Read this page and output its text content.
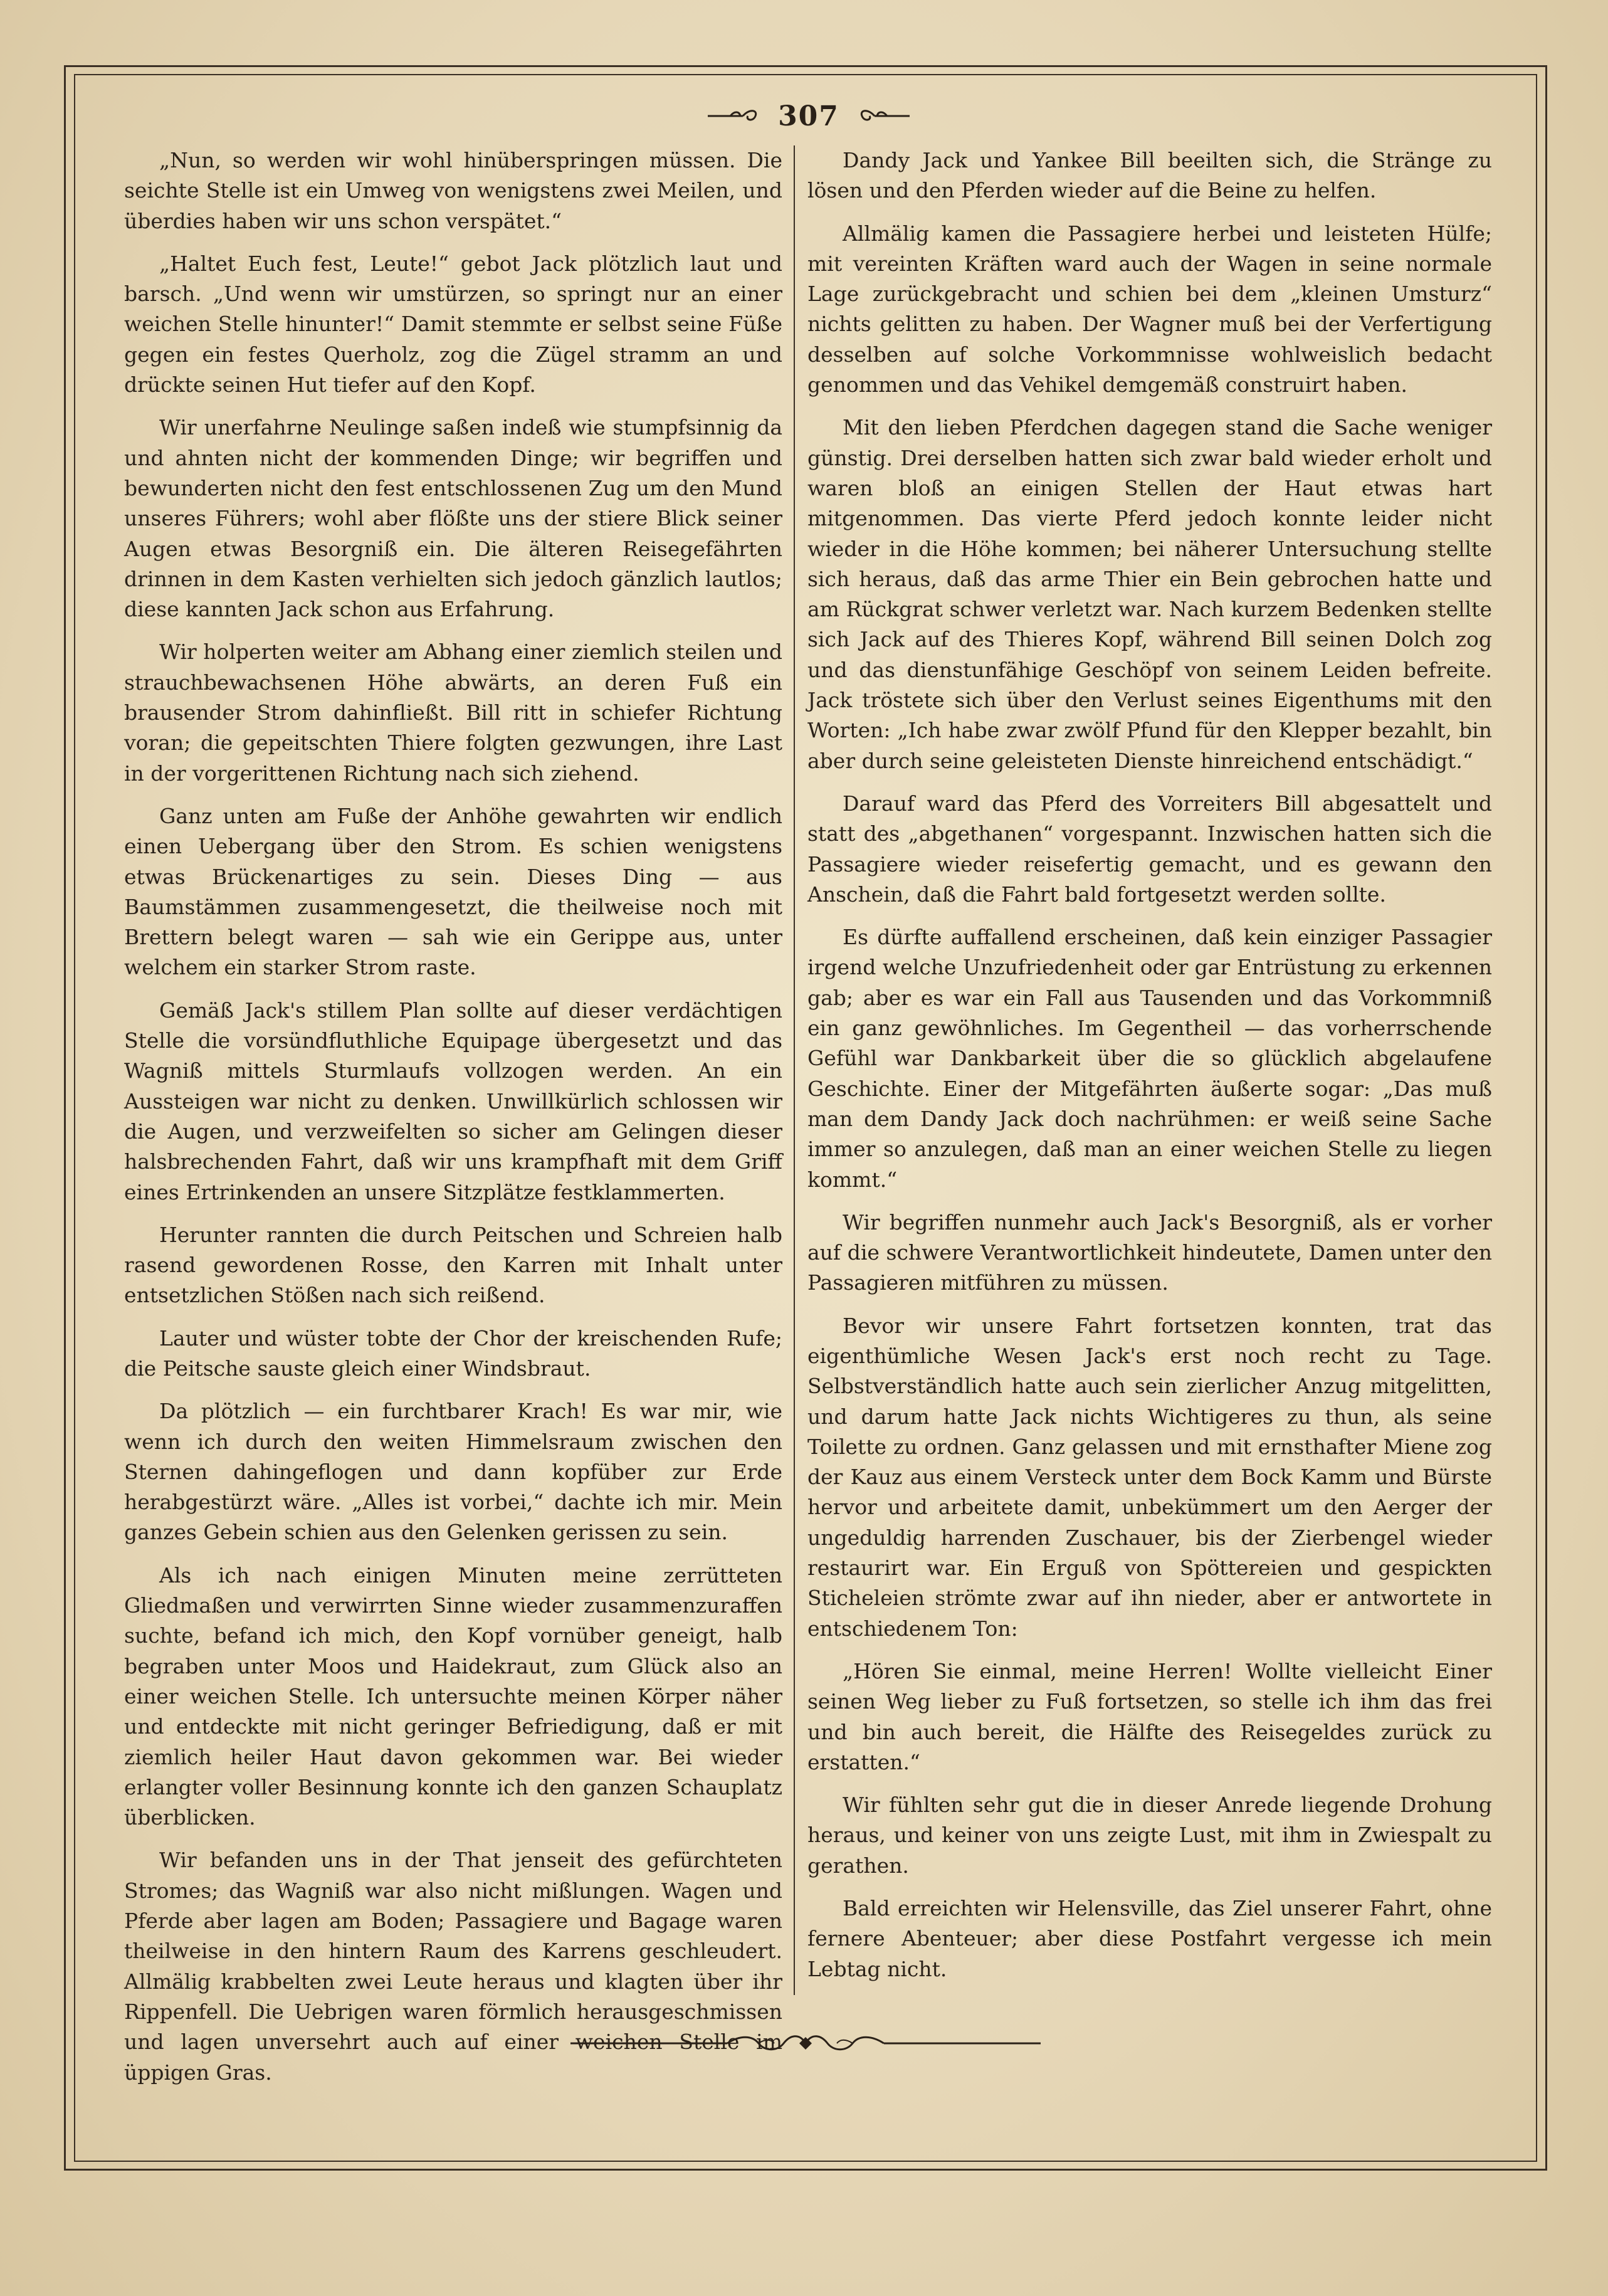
307

„Nun, so werden wir wohl hinüberspringen müssen. Die seichte Stelle ist ein Umweg von wenigstens zwei Meilen, und überdies haben wir uns schon verspätet.“

„Haltet Euch fest, Leute!“ gebot Jack plötzlich laut und barsch. „Und wenn wir umstürzen, so springt nur an einer weichen Stelle hinunter!“ Damit stemmte er selbst seine Füße gegen ein festes Querholz, zog die Zügel stramm an und drückte seinen Hut tiefer auf den Kopf.

Wir unerfahrne Neulinge saßen indeß wie stumpfsinnig da und ahnten nicht der kommenden Dinge; wir begriffen und bewunderten nicht den fest entschlossenen Zug um den Mund unseres Führers; wohl aber flößte uns der stiere Blick seiner Augen etwas Besorgniß ein. Die älteren Reisegefährten drinnen in dem Kasten verhielten sich jedoch gänzlich lautlos; diese kannten Jack schon aus Erfahrung.

Wir holperten weiter am Abhang einer ziemlich steilen und strauchbewachsenen Höhe abwärts, an deren Fuß ein brausender Strom dahinfließt. Bill ritt in schiefer Richtung voran; die gepeitschten Thiere folgten gezwungen, ihre Last in der vorgerittenen Richtung nach sich ziehend.

Ganz unten am Fuße der Anhöhe gewahrten wir endlich einen Uebergang über den Strom. Es schien wenigstens etwas Brückenartiges zu sein. Dieses Ding — aus Baumstämmen zusammengesetzt, die theilweise noch mit Brettern belegt waren — sah wie ein Gerippe aus, unter welchem ein starker Strom raste.

Gemäß Jack's stillem Plan sollte auf dieser verdächtigen Stelle die vorsündfluthliche Equipage übergesetzt und das Wagniß mittels Sturmlaufs vollzogen werden. An ein Aussteigen war nicht zu denken. Unwillkürlich schlossen wir die Augen, und verzweifelten so sicher am Gelingen dieser halsbrechenden Fahrt, daß wir uns krampfhaft mit dem Griff eines Ertrinkenden an unsere Sitzplätze festklammerten.

Herunter rannten die durch Peitschen und Schreien halb rasend gewordenen Rosse, den Karren mit Inhalt unter entsetzlichen Stößen nach sich reißend.

Lauter und wüster tobte der Chor der kreischenden Rufe; die Peitsche sauste gleich einer Windsbraut.

Da plötzlich — ein furchtbarer Krach! Es war mir, wie wenn ich durch den weiten Himmelsraum zwischen den Sternen dahingeflogen und dann kopfüber zur Erde herabgestürzt wäre. „Alles ist vorbei,“ dachte ich mir. Mein ganzes Gebein schien aus den Gelenken gerissen zu sein.

Als ich nach einigen Minuten meine zerrütteten Gliedmaßen und verwirrten Sinne wieder zusammenzuraffen suchte, befand ich mich, den Kopf vornüber geneigt, halb begraben unter Moos und Haidekraut, zum Glück also an einer weichen Stelle. Ich untersuchte meinen Körper näher und entdeckte mit nicht geringer Befriedigung, daß er mit ziemlich heiler Haut davon gekommen war. Bei wieder erlangter voller Besinnung konnte ich den ganzen Schauplatz überblicken.

Wir befanden uns in der That jenseit des gefürchteten Stromes; das Wagniß war also nicht mißlungen. Wagen und Pferde aber lagen am Boden; Passagiere und Bagage waren theilweise in den hintern Raum des Karrens geschleudert. Allmälig krabbelten zwei Leute heraus und klagten über ihr Rippenfell. Die Uebrigen waren förmlich herausgeschmissen und lagen unversehrt auch auf einer weichen Stelle im üppigen Gras.

Dandy Jack und Yankee Bill beeilten sich, die Stränge zu lösen und den Pferden wieder auf die Beine zu helfen.

Allmälig kamen die Passagiere herbei und leisteten Hülfe; mit vereinten Kräften ward auch der Wagen in seine normale Lage zurückgebracht und schien bei dem „kleinen Umsturz“ nichts gelitten zu haben. Der Wagner muß bei der Verfertigung desselben auf solche Vorkommnisse wohlweislich bedacht genommen und das Vehikel demgemäß construirt haben.

Mit den lieben Pferdchen dagegen stand die Sache weniger günstig. Drei derselben hatten sich zwar bald wieder erholt und waren bloß an einigen Stellen der Haut etwas hart mitgenommen. Das vierte Pferd jedoch konnte leider nicht wieder in die Höhe kommen; bei näherer Untersuchung stellte sich heraus, daß das arme Thier ein Bein gebrochen hatte und am Rückgrat schwer verletzt war. Nach kurzem Bedenken stellte sich Jack auf des Thieres Kopf, während Bill seinen Dolch zog und das dienstunfähige Geschöpf von seinem Leiden befreite. Jack tröstete sich über den Verlust seines Eigenthums mit den Worten: „Ich habe zwar zwölf Pfund für den Klepper bezahlt, bin aber durch seine geleisteten Dienste hinreichend entschädigt.“

Darauf ward das Pferd des Vorreiters Bill abgesattelt und statt des „abgethanen“ vorgespannt. Inzwischen hatten sich die Passagiere wieder reisefertig gemacht, und es gewann den Anschein, daß die Fahrt bald fortgesetzt werden sollte.

Es dürfte auffallend erscheinen, daß kein einziger Passagier irgend welche Unzufriedenheit oder gar Entrüstung zu erkennen gab; aber es war ein Fall aus Tausenden und das Vorkommniß ein ganz gewöhnliches. Im Gegentheil — das vorherrschende Gefühl war Dankbarkeit über die so glücklich abgelaufene Geschichte. Einer der Mitgefährten äußerte sogar: „Das muß man dem Dandy Jack doch nachrühmen: er weiß seine Sache immer so anzulegen, daß man an einer weichen Stelle zu liegen kommt.“

Wir begriffen nunmehr auch Jack's Besorgniß, als er vorher auf die schwere Verantwortlichkeit hindeutete, Damen unter den Passagieren mitführen zu müssen.

Bevor wir unsere Fahrt fortsetzen konnten, trat das eigenthümliche Wesen Jack's erst noch recht zu Tage. Selbstverständlich hatte auch sein zierlicher Anzug mitgelitten, und darum hatte Jack nichts Wichtigeres zu thun, als seine Toilette zu ordnen. Ganz gelassen und mit ernsthafter Miene zog der Kauz aus einem Versteck unter dem Bock Kamm und Bürste hervor und arbeitete damit, unbekümmert um den Aerger der ungeduldig harrenden Zuschauer, bis der Zierbengel wieder restaurirt war. Ein Erguß von Spöttereien und gespickten Sticheleien strömte zwar auf ihn nieder, aber er antwortete in entschiedenem Ton:

„Hören Sie einmal, meine Herren! Wollte vielleicht Einer seinen Weg lieber zu Fuß fortsetzen, so stelle ich ihm das frei und bin auch bereit, die Hälfte des Reisegeldes zurück zu erstatten.“

Wir fühlten sehr gut die in dieser Anrede liegende Drohung heraus, und keiner von uns zeigte Lust, mit ihm in Zwiespalt zu gerathen.

Bald erreichten wir Helensville, das Ziel unserer Fahrt, ohne fernere Abenteuer; aber diese Postfahrt vergesse ich mein Lebtag nicht.
